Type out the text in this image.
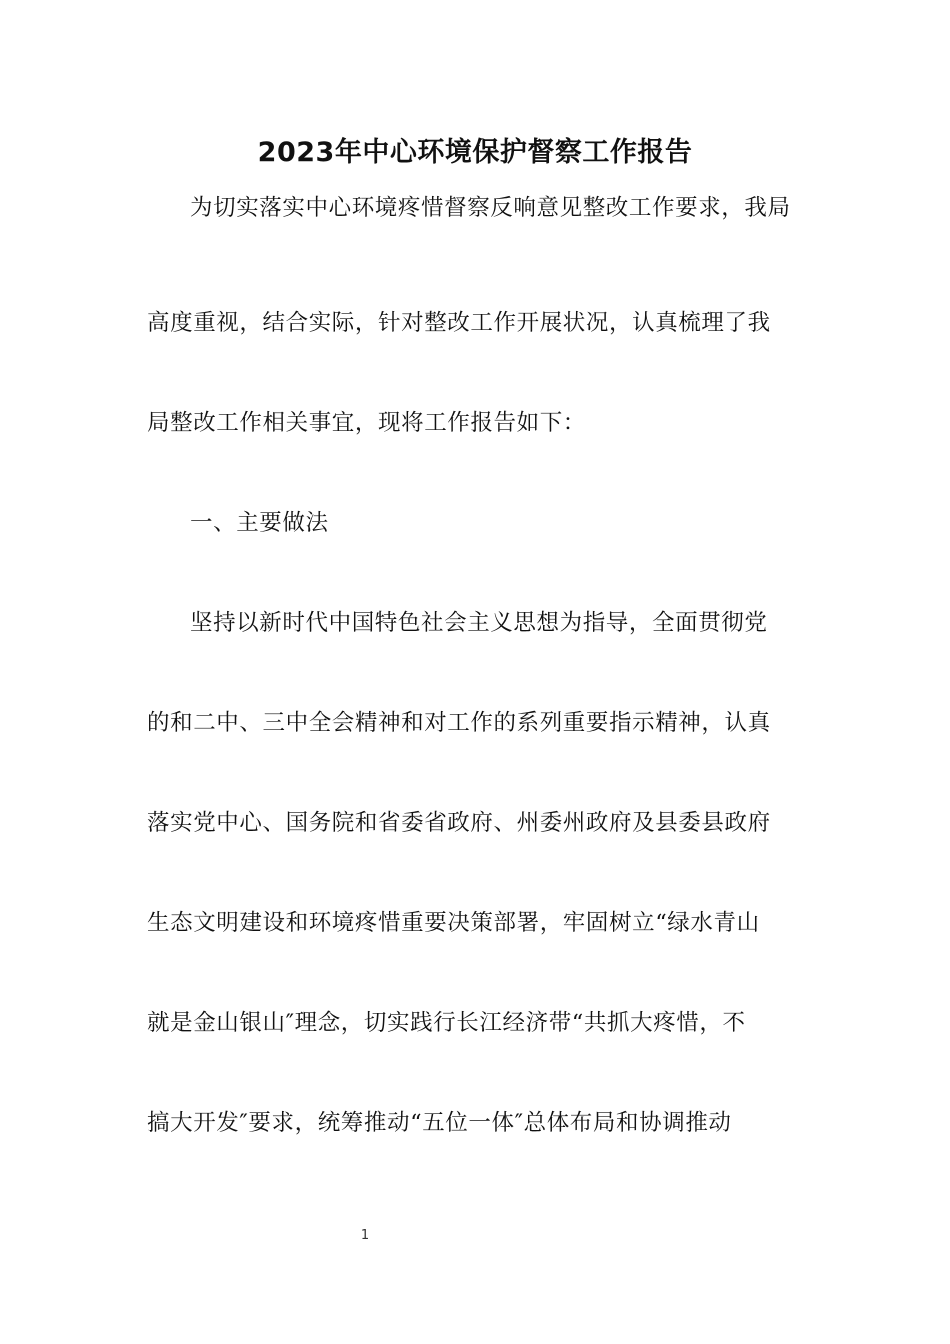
2023年中心环境保护督察工作报告
为切实落实中心环境疼惜督察反响意见整改工作要求，我局
高度重视，结合实际，针对整改工作开展状况，认真梳理了我
局整改工作相关事宜，现将工作报告如下：
一、主要做法
坚持以新时代中国特色社会主义思想为指导，全面贯彻党
的和二中、三中全会精神和对工作的系列重要指示精神，认真
落实党中心、国务院和省委省政府、州委州政府及县委县政府
生态文明建设和环境疼惜重要决策部署，牢固树立“绿水青山
就是金山银山″理念，切实践行长江经济带“共抓大疼惜，不
搞大开发″要求，统筹推动“五位一体″总体布局和协调推动
1
